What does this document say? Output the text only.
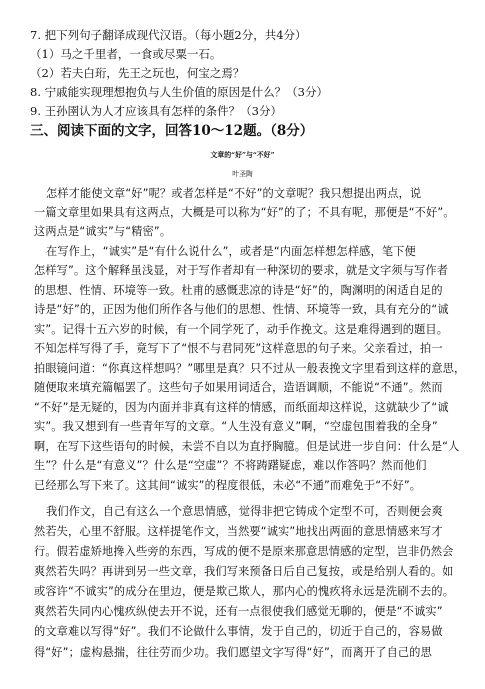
7. 把下列句子翻译成现代汉语。（每小题2分，共4分）
（1）马之千里者，一食或尽粟一石。
（2）若夫白珩，先王之玩也，何宝之焉？
8. 宁戚能实现理想抱负与人生价值的原因是什么？（3分）
9. 王孙圉认为人才应该具有怎样的条件？（3分）
三、阅读下面的文字，回答10～12题。（8分）
文章的“好”与“不好”
叶圣陶
怎样才能使文章“好”呢？或者怎样是“不好”的文章呢？我只想提出两点，说
一篇文章里如果具有这两点，大概是可以称为“好”的了；不具有呢，那便是“不好”。
这两点是“诚实”与“精密”。
在写作上，“诚实”是“有什么说什么”，或者是“内面怎样想怎样感，笔下便
怎样写”。这个解释虽浅显，对于写作者却有一种深切的要求，就是文字须与写作者
的思想、性情、环境等一致。杜甫的感慨悲凉的诗是“好”的，陶渊明的闲适自足的
诗是“好”的，正因为他们所作各与他们的思想、性情、环境等一致，具有充分的“诚
实”。记得十五六岁的时候，有一个同学死了，动手作挽文。这是难得遇到的题目。
不知怎样写得了手，竟写下了“恨不与君同死”这样意思的句子来。父亲看过，拍一
拍眼镜问道：“你真这样想吗？”哪里是真？只不过从一般表挽文字里看到这样的意思，
随便取来填充篇幅罢了。这些句子如果用词适合，造语调顺，不能说“不通”。然而
“不好”是无疑的，因为内面并非真有这样的情感，而纸面却这样说，这就缺少了“诚
实”。我又想到有一些青年写的文章。“人生没有意义”啊，“空虚包围着我的全身”
啊，在写下这些语句的时候，未尝不自以为直抒胸臆。但是试进一步自问：什么是“人
生”？什么是“有意义”？什么是“空虚”？不将踌躇疑虑，难以作答吗？然而他们
已经那么写下来了。这其间“诚实”的程度很低，未必“不通”而难免于“不好”。
我们作文，自己有这么一个意思情感，觉得非把它铸成个定型不可，否则便会爽
然若失，心里不舒服。这样提笔作文，当然要“诚实”地找出两面的意思情感来写才
行。假若虚矫地搀入些旁的东西，写成的便不是原来那意思情感的定型，岂非仍然会
爽然若失吗？再讲到另一些文章，我们写来预备日后自己复按，或是给别人看的。如
或容许“不诚实”的成分在里边，便是欺己欺人，那内心的愧疚将永远是洗刷不去的。
爽然若失同内心愧疚纵使去开不说，还有一点很使我们感觉无聊的，便是“不诚实”
的文章难以写得“好”。我们不论做什么事情，发于自己的，切近于自己的，容易做
得“好”；虚构悬揣，往往劳而少功。我们愿望文字写得“好”，而离开了自己的思
